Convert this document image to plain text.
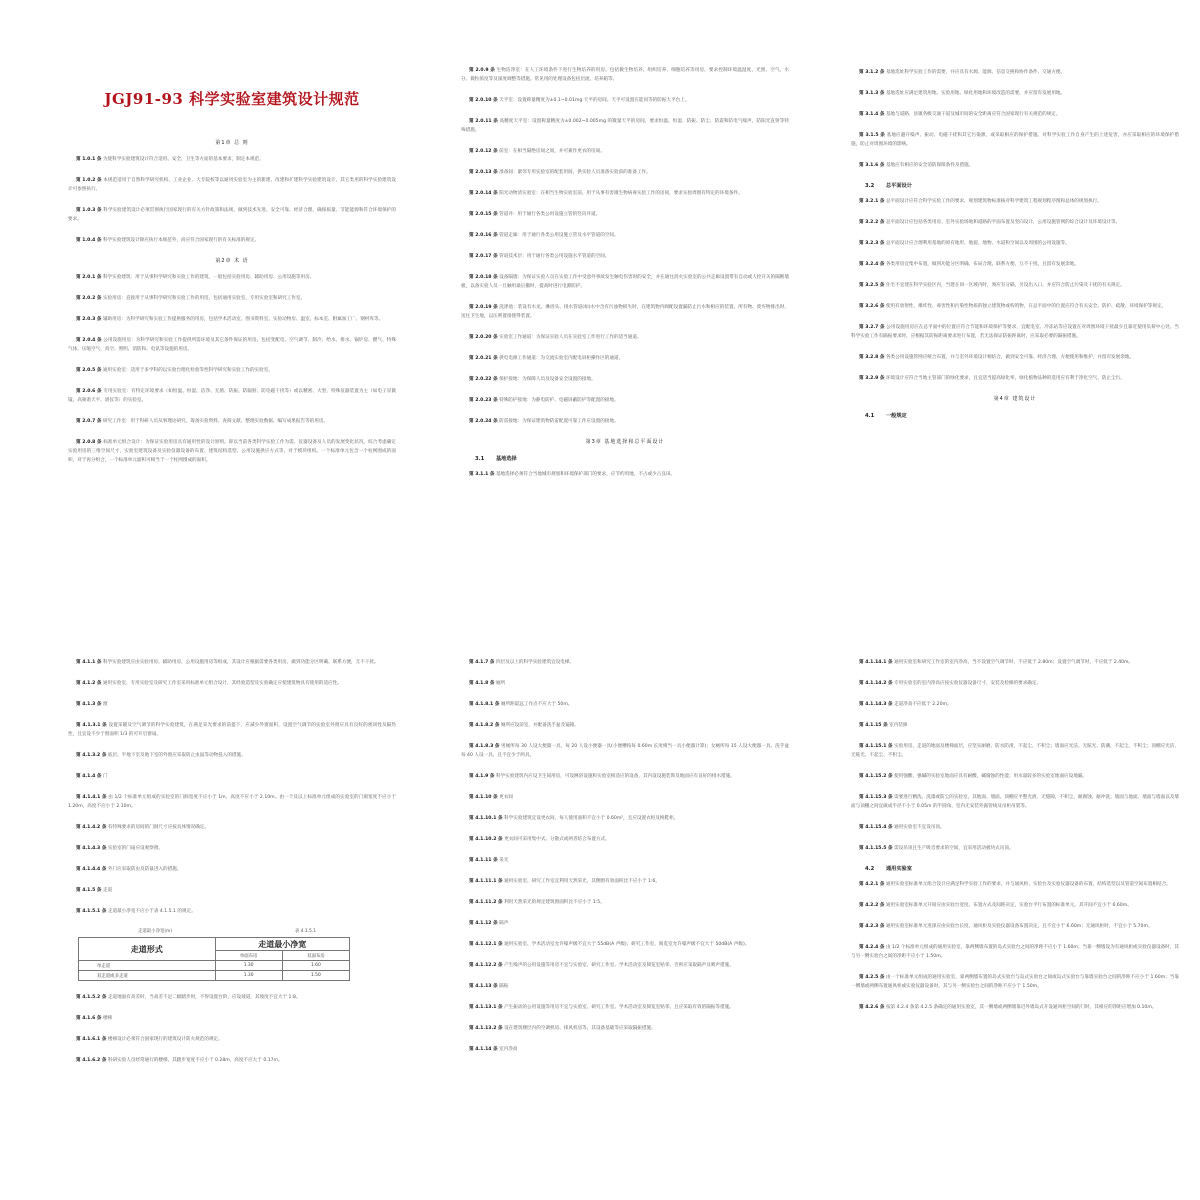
JGJ91-93 科学实验室建筑设计规范
第1章 总 则
第 1.0.1 条 为使科学实验建筑设计符合适用、安全、卫生等方面的基本要求，制定本规范。
第 1.0.2 条 本规范适用于自然科学研究机构、工业企业、大专院校等以通用实验室为主的新建、改建和扩建科学实验建筑设计，其它类用的科学实验建筑设计可参照执行。
第 1.0.3 条 科学实验建筑设计必须贯彻执行国家现行的有关方针政策和法规，做到技术先进、安全可靠、经济合理、确保质量、节能能源和符合环境保护的要求。
第 1.0.4 条 科学实验建筑设计除应执行本规范外，尚应符合国家现行的有关标准的规定。
第2章 术 语
第 2.0.1 条 科学实验建筑：用于从事科学研究和实验工作的建筑，一般包括实验用房、辅助用房、公用设施等用房。
第 2.0.2 条 实验用房：直接用于从事科学研究和实验工作的用房，包括通用实验室、专用实验室和研究工作室。
第 2.0.3 条 辅助用房：为科学研究和实验工作提供服务的用房，包括学术活动室、图书资料室、实验动物房、温室、标本室、附属加工厂、钢材库等。
第 2.0.4 条 公用设施用房：为科学研究和实验工作提供所需环境及其它条件保证的用房，包括变配电、空气调节、制冷、给水、排水、锅炉房、燃气、特殊气体、压缩空气、真空、照明、消防和、电讯等设施的用房。
第 2.0.5 条 通用实验室：适用于多学科的以实验台理化检验等性科学研究和实验工作的实验室。
第 2.0.6 条 专用实验室：有特定环境要求（如恒温、恒湿、洁净、无菌、防振、防辐射、防电磁干扰等）或以精密、大型、特殊仪器装置为主（如电子显微镜、高频谱天平、谱仪等）的实验室。
第 2.0.7 条 研究工作室：用于科研人员从事理论研究、筹备实验资料、查阅文献、整理实验数据、编写成果报告等的用房。
第 2.0.8 条 标准单元组合设计：为保证实验用房具有通用性的设计原则。即以当前各类科学实验工作为需、仪器设备及人员的发展变化状况，综合考虑确定实验用房的三维空间尺寸，实验室建筑设备及实验仪器设备的布置、建筑结构选型、公用设施供应方式等，对于模块组织。一个标准单元包含一个柱网围成的面积，对于再分组合，一个标准单元面积可相当于一个柱网围成的面积。
第 2.0.9 条 生物洁净室：在人工环境条件下进行生物培养的用房。包括微生物培养、组织培养、细胞培养等用房。要求控制环境温湿度、光照、空气、水分、微粒浓度等及深度调整等措施。常见用的处理设备包括层流、培养箱等。
第 2.0.10 条 天平室：设置称量精度为±0.1~0.01mg 天平的房间。天平可设置在能同等的防振大平台上。
第 2.0.11 条 高精度天平室：设置称量精度为±0.002~0.005mg 的微量天平的房间，要求恒温、恒湿、防振、防尘、防震和防电气噪声，防阳光直射等特殊措施。
第 2.0.12 条 前室：在相当隔绝房间之间，并可兼作更衣的房间。
第 2.0.13 条 准备间：紧邻专用实验室的配套用间，供实验人员准备实验前的准备工作。
第 2.0.14 条 阳光动物清实验室：在相当生物实验室前，用于从事有害微生物病毒实验工作的房间，要求实验周围有特定的环境条件。
第 2.0.15 条 管道井：用于通行各类公用设施立管的竖向井道。
第 2.0.16 条 管道走廊：用于通行各类公用设施立管及水平管道的空间。
第 2.0.17 条 管道技术层：用于通行各类公用设施水平管道的空间。
第 2.0.18 条 设备隔墙：为保证实验人员在实验工作中受意外事故发生触电伤害时的安全，并在通往消火实验室的公共走廊设置带有自动或人控开关的隔断墙板，以备实验人员一旦触用桑后撤时，提高时进行电源防护。
第 2.0.19 条 洗涤池：装设有水龙、淋浴头、排水管道(如)水中含有污浊物损失时，在建筑物内阀配设置漏防止污水和相应的装置、所有物、废弃物排出时，送往卫生地，以压则置排使得装置。
第 2.0.20 条 实验室工作通道：为保证实验人员在实验室工作进行工作的适当通道。
第 2.0.21 条 供电电源工作通道：为交流实验室内配电屏柜操作区的通道。
第 2.0.22 条 保护接地：为保障人员及设备安全设置的接地。
第 2.0.23 条 特殊防护接地：为静电防护、电磁屏蔽防护等配置的接地。
第 2.0.24 条 防雷接地：为保证建筑物防雷配置可靠工作应设置的接地。
第3章 基地选择和总平面设计
3.1 基地选择
第 3.1.1 条 基地选择必须符合当地城市规划和环境保护部门的要求，应节约用地，不占或少占良田。
第 3.1.2 条 基地选址科学实验工作的需要，并应具有水源、能源、信息交换和协作条件、交通方便。
第 3.1.3 条 基地选址应满足建筑用地、实验用地、绿化用地和环境改造的需要，并应留有发展用地。
第 3.1.4 条 基地与道路、县镇各级交通干道及城市间的安全距离应符合国家现行有关规范的规定。
第 3.1.5 条 基地应避开噪声、振动、电磁干扰和其它污染源，或采取相应的保护措施。对科学实验工作自身产生的上述危害，亦应采取相应的环境保护措施，防止对周围环境的影响。
第 3.1.6 条 基地应有相应的安全消防保障条件及措施。
3.2 总平面设计
第 3.2.1 条 总平面设计应符合科学实验工作的要求，规划建筑物标准核对科学建筑工程规划程序图和总体的规划执行。
第 3.2.2 条 总平面设计应包括各类用房、室外实验场地和道路的平面布置及竖向设计，公用设施管网的综合设计及环境设计等。
第 3.2.3 条 总平面设计应合理利用基地的原有地形、地貌、地物、水道和空间以及周围的公用设施等。
第 3.2.4 条 各类用房宜集中布置，做到功能分区明确、布局合理、联系方便、互不干扰，且留有发展余地。
第 3.2.5 条 住宅不宜建在科学实验区内，当建在同一区域内时，须应有分隔，另设出入口，并应符合防止污染及干扰的有关规定。
第 3.2.6 条 使用有放射性、爆炸性、毒害性和污染性物质的独立建筑物或构筑物，在总平面中的位置应符合有关安全、防护、疏散、环境保护等规定。
第 3.2.7 条 公用设施用房应在总平面中的位置应符合节能和环境保护等要求，宜配电室、冷冻站等应设置在对周围环境干扰最少且靠近使用负荷中心处。当科学实验工作有隔振要求时，应根据其防振距离要求进行布置，若无法保证防振距离时，应采取必要的隔振措施。
第 3.2.8 条 各类公用设施管网应统合布置，并与室外环境设计相结合，做到安全可靠、经济合理、方便使用和维护，并留有发展余地。
第 3.2.9 条 环境设计应符合当地主管部门的绿化要求，且宜适当提高绿化率，绿化植物品种的选用应有利于净化空气、防止尘污。
第4章 建筑设计
4.1 一般规定
第 4.1.1 条 科学实验建筑应由实验用房、辅助用房、公用设施用房等组成，其设计应根据需要各类用房，做到功能分区明确、联系方便，互不干扰。
第 4.1.2 条 通用实验室、专用实验室及研究工作室采用标准单元组合设计，其经验造型及实验确定应使建筑物具有使用的适应性。
第 4.1.3 条 窗
第 4.1.3.1 条 设置采暖及空气调节的科学实验建筑，在满足采光要求的前提下，应减少外窗面积，设置空气调节的实验室外窗应具有良好的密闭性及隔热性，且宜设不少于窗面积 1/3 的可开启窗扇。
第 4.1.3.2 条 底层、半地下室及地下室的外窗应采取防止虫鼠等动物侵入的措施。
第 4.1.4 条 门
第 4.1.4.1 条 由 1/2 个标准单元组成的实验室的门洞宽度不应小于 1m，高度不应小于 2.10m。由一个及以上标准单元组成的实验室的门洞宽度不应小于 1.20m，高度不应小于 2.10m。
第 4.1.4.2 条 有特殊要求的房间的门洞尺寸应按具体情况确定。
第 4.1.4.3 条 实验室的门扇应设观察窗。
第 4.1.4.4 条 外门应采取防虫及防鼠进入的措施。
第 4.1.5 条 走道
第 4.1.5.1 条 走道最小净宽不应小于表 4.1.5.1 的规定。
走道最小净宽(m)	表 4.1.5.1
走道形式	走道最小净宽	
	单面布房	双面布房
单走道	1.30	1.60
双走道或多走道	1.30	1.50
第 4.1.5.2 条 走道地面有高差时，当高差不足二级踏步时，不得设置台阶，应设坡道，其坡度不宜大于 1:8。
第 4.1.6 条 楼梯
第 4.1.6.1 条 楼梯设计必须符合国家现行的建筑设计防火规范的规定。
第 4.1.6.2 条 科研实验人员经常通行的楼梯，其踏步宽度不应小于 0.28m，高度不应大于 0.17m。
第 4.1.7 条 四层及以上的科学实验建筑宜设电梯。
第 4.1.8 条 厕所
第 4.1.8.1 条 厕所距最远工作点不应大于 50m。
第 4.1.8.2 条 厕所应设前室，并配备洗手盆及镜箱。
第 4.1.8.3 条 男厕所每 30 人设大便器一具，每 20 人设小便器一具(小便槽按每 0.60m 长度相当一具小便器计算)；女厕所每 15 人设大便器一具。洗手盆每 40 人设一具，且不宜少于两具。
第 4.1.9 条 科学实验建筑内应设卫生间用房，可设淋浴设施和实验室相适应的设备，其内设设施装饰及地面应有良好的排水措施。
第 4.1.10 条 更衣间
第 4.1.10.1 条 科学实验建筑宜设更衣间，每人使用面积不宜小于 0.60m²，且应设置衣柜及换鞋柜。
第 4.1.10.2 条 更衣间可采用集中式、分散式或两者结合布置方式。
第 4.1.11 条 采光
第 4.1.11.1 条 通用实验室、研究工作室宜利用天然采光，其侧窗有效面积比不应小于 1:6。
第 4.1.11.2 条 利用天然采光的规定建筑窗面积比不应小于 1:5。
第 4.1.12 条 隔声
第 4.1.12.1 条 通用实验室、学术活动室允许噪声级不宜大于 55dB(A 声级)；研究工作室、阅览室允许噪声级不宜大于 50dB(A 声级)。
第 4.1.12.2 条 产生噪声的公用设施等用房不宜与实验室、研究工作室、学术活动室及阅览室贴邻，否则应采取隔声及吸声措施。
第 4.1.13 条 隔振
第 4.1.13.1 条 产生振动的公用设施等用房不宜与实验室、研究工作室、学术活动室及阅览室贴邻，且应采取有效的隔振等措施。
第 4.1.13.2 条 设在建筑楼层内的空调机房、排风机房等，其设备基础等应采取隔振措施。
第 4.1.14 条 室内净高
第 4.1.14.1 条 通用实验室和研究工作室的室内净高，当不设置空气调节时，不应低于 2.80m；设置空气调节时，不应低于 2.40m。
第 4.1.14.2 条 专用实验室的室内净高应按实验仪器设备尺寸、安装及检修的要求确定。
第 4.1.14.3 条 走道净高不应低于 2.20m。
第 4.1.15 条 室内装修
第 4.1.15.1 条 实验用房、走道的地面及楼梯面层，应坚实耐磨、防水防滑、不起尘、不积尘；墙面应光洁、无眩光、防潮、不起尘、不积尘；顶棚应光洁、无眩光、不起尘、不积尘。
第 4.1.15.2 条 使用强酸、强碱的实验室地面应具有耐酸、碱腐蚀的性能；用水量较多的实验室地面应设地漏。
第 4.1.15.3 条 需要进行精洗、洗漆或防尘的实验室，其地面、墙面、顶棚应平整光滑，无缝隙，不积尘、耐腐蚀、耐冲洗；墙面与地面、墙面与墙面以及墙面与顶棚之间宜做成半径不小于 0.05m 的半圆角，室内无安装外露管线及吊柜吊架等。
第 4.1.15.4 条 通用实验室不宜设吊顶。
第 4.1.15.5 条 需设吊顶且生产吸音要求的空间，宜采用活动板块式吊顶。
4.2 通用实验室
第 4.2.1 条 通用实验室标准单元组合设计应满足科学实验工作的要求，并与通风柜、实验台及实验仪器设备的布置，结构选型以及管道空间布置相结合。
第 4.2.2 条 通用实验室标准单元开间应由实验台宽度、布置方式及间距决定，实验台平行布置的标准单元，其开间不宜小于 6.60m。
第 4.2.3 条 通用实验室标准单元进深应由实验台长度、通风柜及实验仪器设备布置决定，且不宜小于 6.60m；无通风柜时，不宜小于 5.70m。
第 4.2.4 条 由 1/2 个标准单元组成的通用实验室，靠两侧墙布置的岛式实验台之间的净距不应小于 1.60m；当靠一侧墙设为有通风柜或实验仪器设备时，其与另一侧实验台之间的净距不应小于 1.50m。
第 4.2.5 条 由一个标准单元组成的通用实验室，靠两侧墙布置的岛式实验台与岛式实验台之间或岛式实验台与靠墙实验台之间的净距不应小于 1.60m；当靠一侧墙或两侧布置通风柜或实验仪器设备时，其与另一侧实验台之间的净距不应小于 1.50m。
第 4.2.6 条 按第 4.2.4 条第 4.2.5 条确定的通用实验室，其一侧墙或两侧墙靠近外墙岛式开设通风柜空间的门时，其相应的净距应增加 0.10m。
